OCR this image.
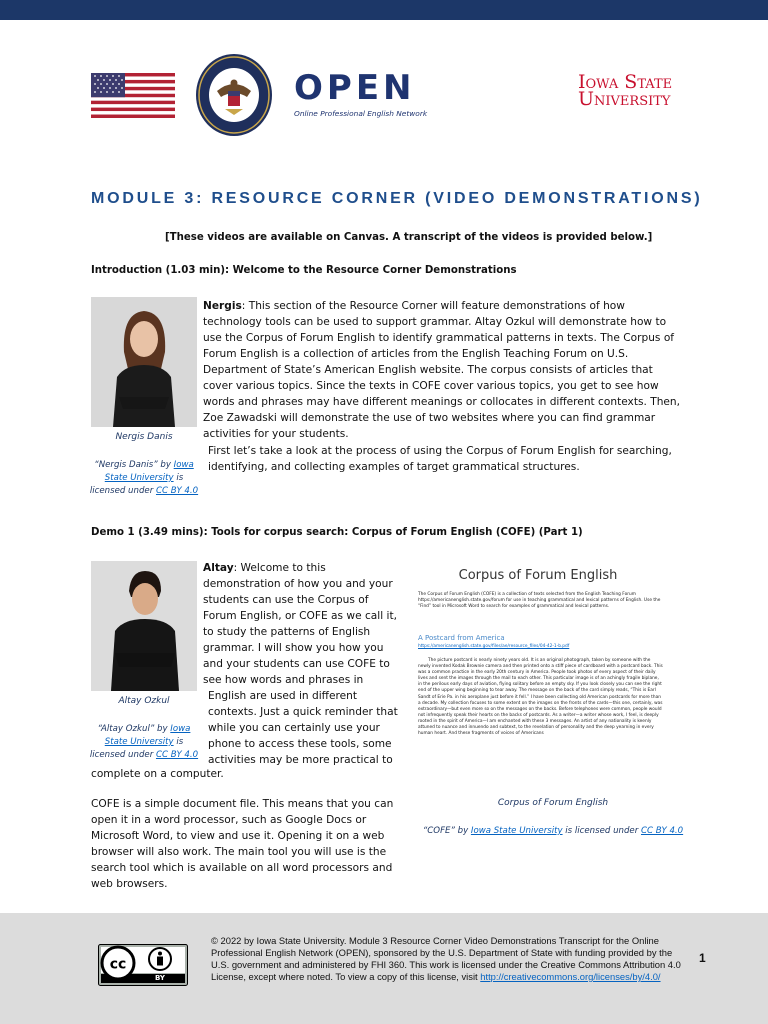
OPEN
Online Professional English Network
Iowa State
University
MODULE 3: RESOURCE CORNER (VIDEO DEMONSTRATIONS)
[These videos are available on Canvas. A transcript of the videos is provided below.]
Introduction (1.03 min): Welcome to the Resource Corner Demonstrations
Nergis Danis
“Nergis Danis” by Iowa State University is licensed under CC BY 4.0

Nergis: This section of the Resource Corner will feature demonstrations of how technology tools can be used to support grammar. Altay Ozkul will demonstrate how to use the Corpus of Forum English to identify grammatical patterns in texts. The Corpus of Forum English is a collection of articles from the English Teaching Forum on U.S. Department of State’s American English website. The corpus consists of articles that cover various topics. Since the texts in COFE cover various topics, you get to see how words and phrases may have different meanings or collocates in different contexts. Then, Zoe Zawadski will demonstrate the use of two websites where you can find grammar activities for your students.

First let’s take a look at the process of using the Corpus of Forum English for searching, identifying, and collecting examples of target grammatical structures.

Demo 1 (3.49 mins): Tools for corpus search: Corpus of Forum English (COFE) (Part 1)
Altay Ozkul
“Altay Ozkul” by Iowa State University is licensed under CC BY 4.0
Altay: Welcome to this
demonstration of how you and your
students can use the Corpus of
Forum English, or COFE as we call it,
to study the patterns of English
grammar. I will show you how you
and your students can use COFE to
see how words and phrases in
English are used in different
contexts. Just a quick reminder that
while you can certainly use your
phone to access these tools, some
activities may be more practical to
complete on a computer.

COFE is a simple document file. This means that you can open it in a word processor, such as Google Docs or Microsoft Word, to view and use it. Opening it on a web browser will also work. The main tool you will use is the search tool which is available on all word processors and web browsers.

Corpus of Forum English
The Corpus of Forum English (COFE) is a collection of texts selected from the English Teaching Forum https://americanenglish.state.gov/forum for use in teaching grammatical and lexical patterns of English. Use the “Find” tool in Microsoft Word to search for examples of grammatical and lexical patterns.
A Postcard from America
https://americanenglish.state.gov/files/ae/resource_files/04-42-1-b.pdf
The picture postcard is nearly ninety years old. It is an original photograph, taken by someone with the newly invented Kodak Brownie camera and then printed onto a stiff piece of cardboard with a postcard back. This was a common practice in the early 20th century in America. People took photos of every aspect of their daily lives and sent the images through the mail to each other. This particular image is of an achingly fragile biplane, in the perilous early days of aviation, flying solitary before an empty sky. If you look closely you can see the right end of the upper wing beginning to tear away. The message on the back of the card simply reads, “This is Earl Sandt of Erie Pa. in his aeroplane just before it fell.” I have been collecting old American postcards for more than a decade. My collection focuses to some extent on the images on the fronts of the cards—this one, certainly, was extraordinary—but even more so on the messages on the backs. Before telephones were common, people would not infrequently speak their hearts on the backs of postcards. As a writer—a writer whose work, I feel, is deeply rooted in the spirit of America—I am enchanted with these 3 messages. An artist of any nationality is keenly attuned to nuance and innuendo and subtext, to the revelation of personality and the deep yearning in every human heart. And these fragments of voices of Americans
Corpus of Forum English
“COFE” by Iowa State University is licensed under CC BY 4.0
cc
BY

© 2022 by Iowa State University. Module 3 Resource Corner Video Demonstrations Transcript for the Online Professional English Network (OPEN), sponsored by the U.S. Department of State with funding provided by the U.S. government and administered by FHI 360. This work is licensed under the Creative Commons Attribution 4.0 License, except where noted. To view a copy of this license, visit http://creativecommons.org/licenses/by/4.0/

1
